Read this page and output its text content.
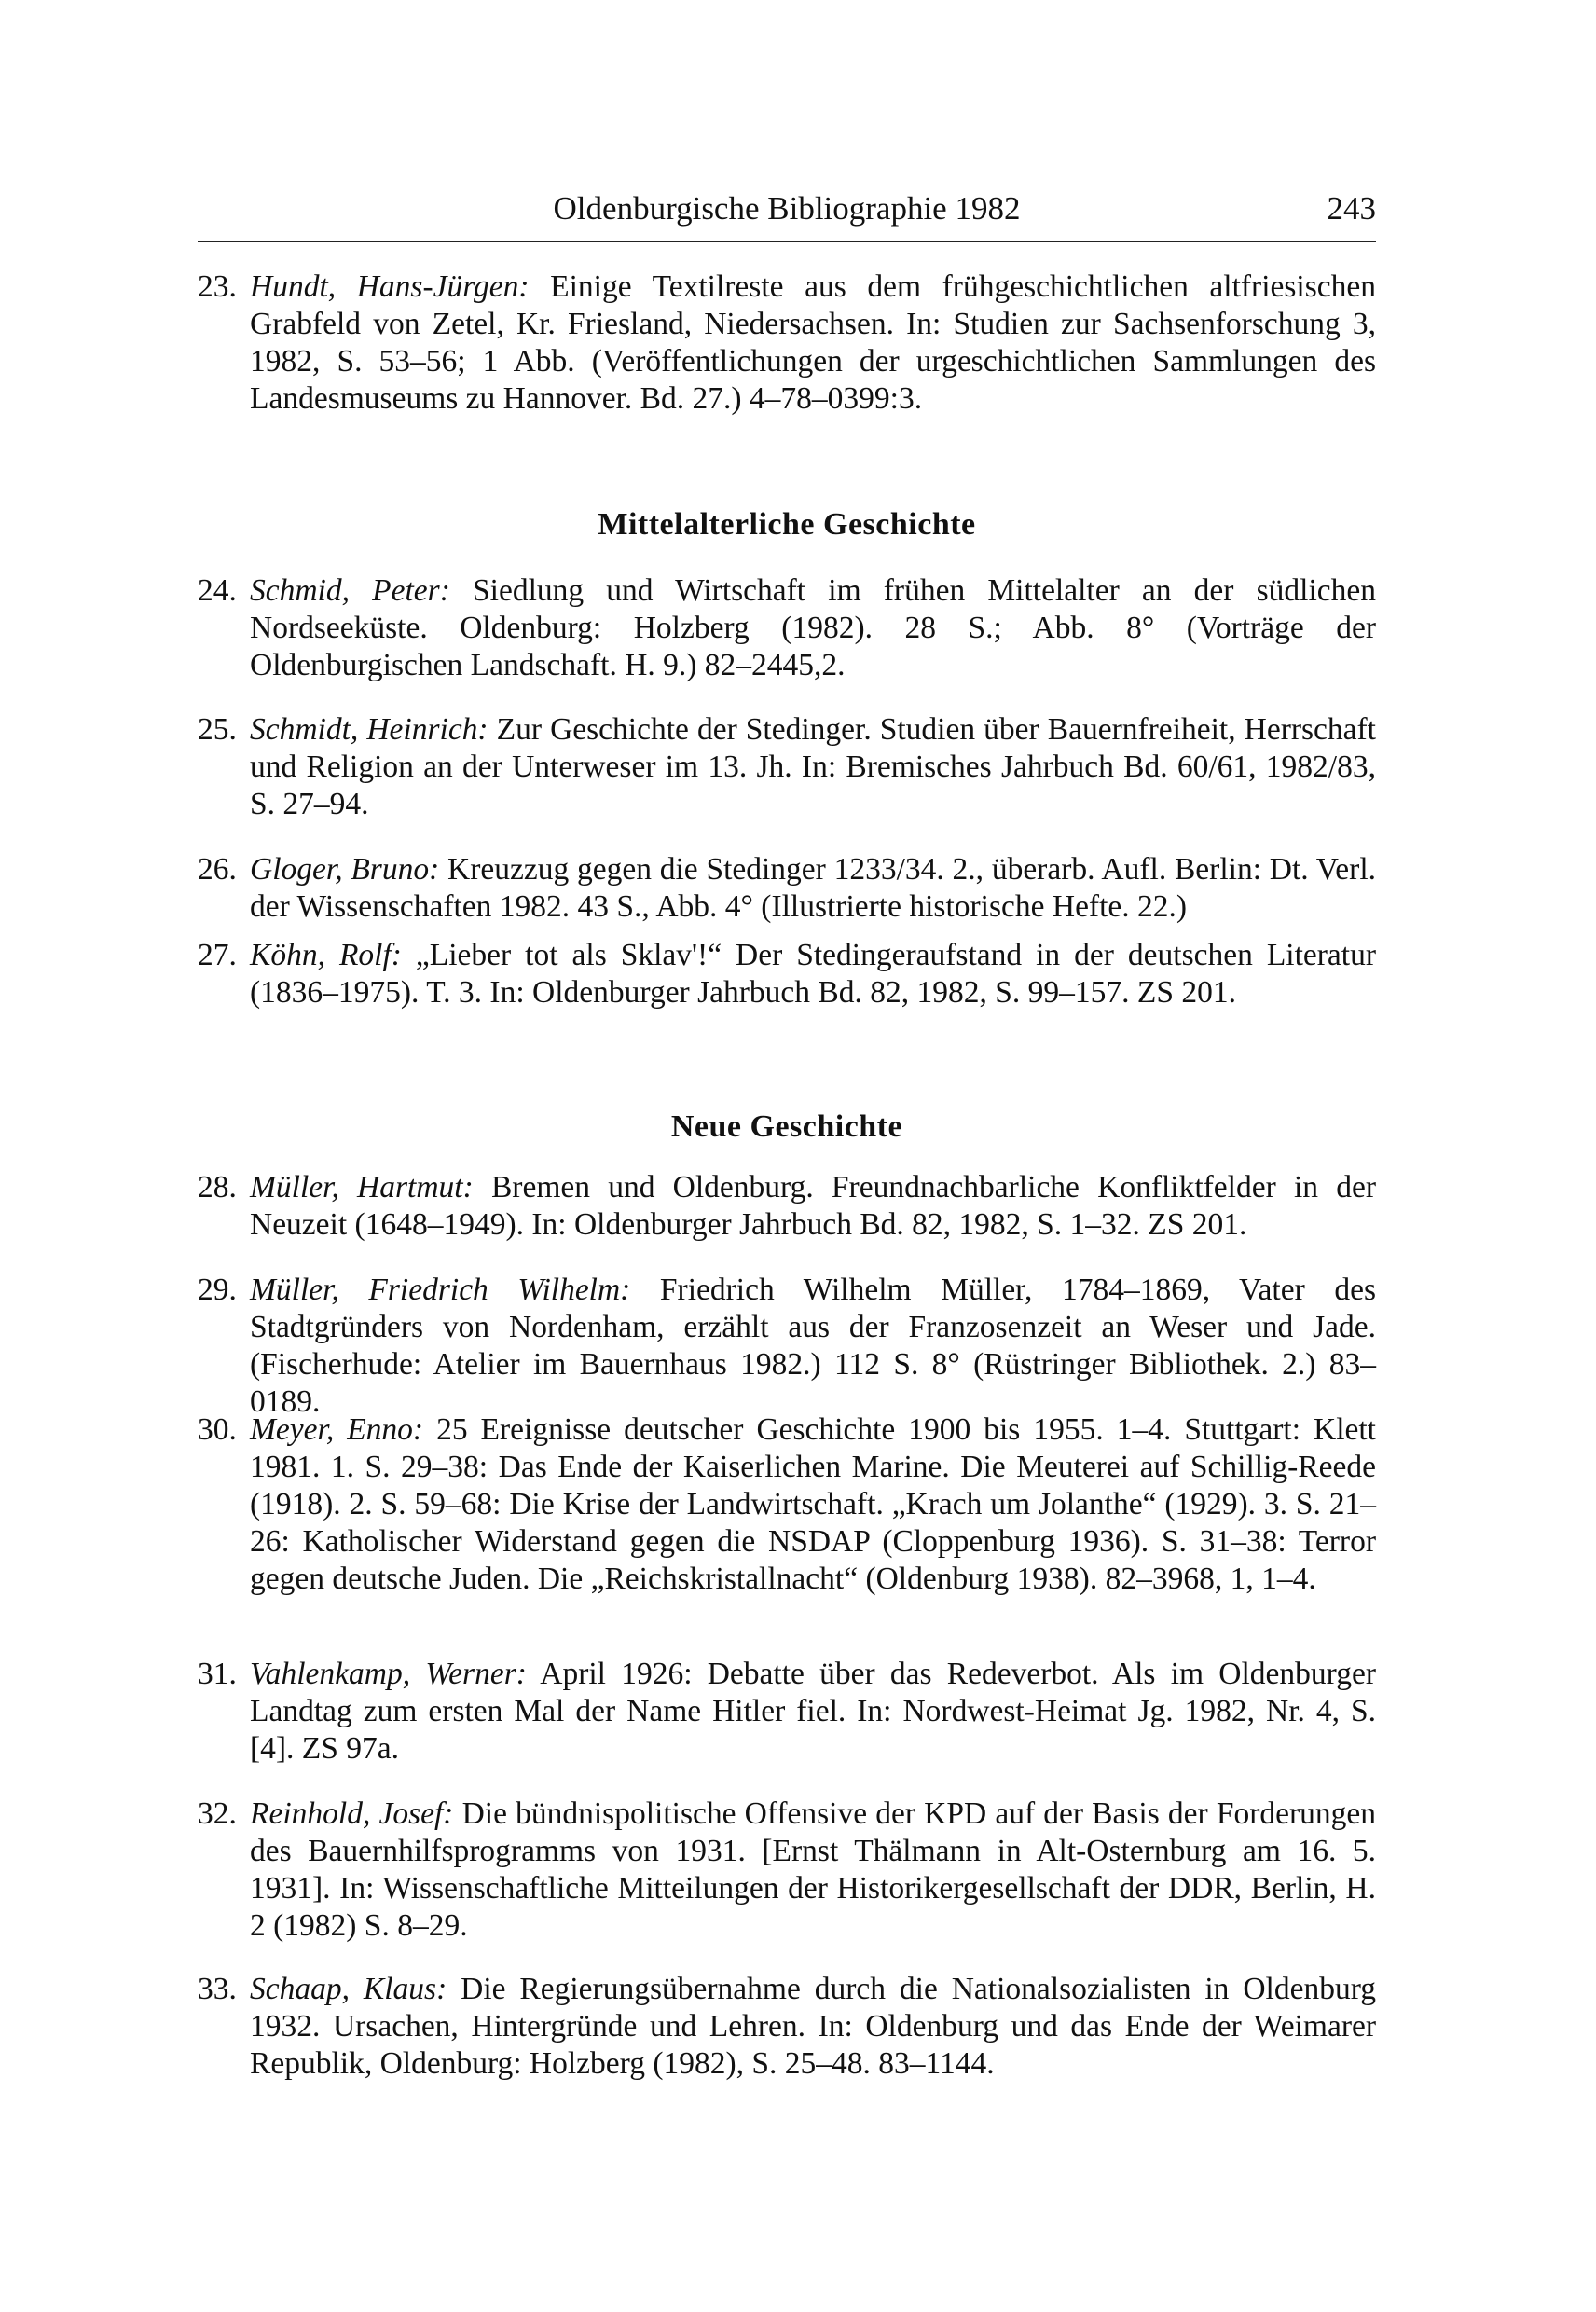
Oldenburgische Bibliographie 1982	243

23. Hundt, Hans-Jürgen: Einige Textilreste aus dem frühgeschichtlichen altfriesischen Grabfeld von Zetel, Kr. Friesland, Niedersachsen. In: Studien zur Sachsenforschung 3, 1982, S. 53–56; 1 Abb. (Veröffentlichungen der urgeschichtlichen Sammlungen des Landesmuseums zu Hannover. Bd. 27.) 4–78–0399:3.

Mittelalterliche Geschichte

24. Schmid, Peter: Siedlung und Wirtschaft im frühen Mittelalter an der südlichen Nordseeküste. Oldenburg: Holzberg (1982). 28 S.; Abb. 8° (Vorträge der Oldenburgischen Landschaft. H. 9.) 82–2445,2.

25. Schmidt, Heinrich: Zur Geschichte der Stedinger. Studien über Bauernfreiheit, Herrschaft und Religion an der Unterweser im 13. Jh. In: Bremisches Jahrbuch Bd. 60/61, 1982/83, S. 27–94.

26. Gloger, Bruno: Kreuzzug gegen die Stedinger 1233/34. 2., überarb. Aufl. Berlin: Dt. Verl. der Wissenschaften 1982. 43 S., Abb. 4° (Illustrierte historische Hefte. 22.)

27. Köhn, Rolf: „Lieber tot als Sklav'!“ Der Stedingeraufstand in der deutschen Literatur (1836–1975). T. 3. In: Oldenburger Jahrbuch Bd. 82, 1982, S. 99–157. ZS 201.

Neue Geschichte

28. Müller, Hartmut: Bremen und Oldenburg. Freundnachbarliche Konfliktfelder in der Neuzeit (1648–1949). In: Oldenburger Jahrbuch Bd. 82, 1982, S. 1–32. ZS 201.

29. Müller, Friedrich Wilhelm: Friedrich Wilhelm Müller, 1784–1869, Vater des Stadtgründers von Nordenham, erzählt aus der Franzosenzeit an Weser und Jade. (Fischerhude: Atelier im Bauernhaus 1982.) 112 S. 8° (Rüstringer Bibliothek. 2.) 83–0189.

30. Meyer, Enno: 25 Ereignisse deutscher Geschichte 1900 bis 1955. 1–4. Stuttgart: Klett 1981. 1. S. 29–38: Das Ende der Kaiserlichen Marine. Die Meuterei auf Schillig-Reede (1918). 2. S. 59–68: Die Krise der Landwirtschaft. „Krach um Jolanthe“ (1929). 3. S. 21–26: Katholischer Widerstand gegen die NSDAP (Cloppenburg 1936). S. 31–38: Terror gegen deutsche Juden. Die „Reichskristallnacht“ (Oldenburg 1938). 82–3968, 1, 1–4.

31. Vahlenkamp, Werner: April 1926: Debatte über das Redeverbot. Als im Oldenburger Landtag zum ersten Mal der Name Hitler fiel. In: Nordwest-Heimat Jg. 1982, Nr. 4, S. [4]. ZS 97a.

32. Reinhold, Josef: Die bündnispolitische Offensive der KPD auf der Basis der Forderungen des Bauernhilfsprogramms von 1931. [Ernst Thälmann in Alt-Osternburg am 16. 5. 1931]. In: Wissenschaftliche Mitteilungen der Historikergesellschaft der DDR, Berlin, H. 2 (1982) S. 8–29.

33. Schaap, Klaus: Die Regierungsübernahme durch die Nationalsozialisten in Oldenburg 1932. Ursachen, Hintergründe und Lehren. In: Oldenburg und das Ende der Weimarer Republik, Oldenburg: Holzberg (1982), S. 25–48. 83–1144.
